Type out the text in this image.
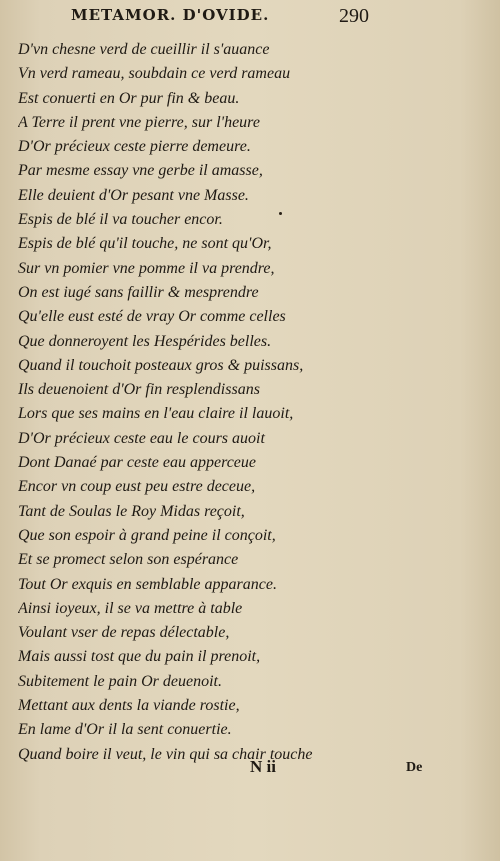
METAMOR. D'OVIDE.	290
D'vn chesne verd de cueillir il s'auance
Vn verd rameau, soubdain ce verd rameau
Est conuerti en Or pur fin & beau.
A Terre il prent vne pierre, sur l'heure
D'Or précieux ceste pierre demeure.
Par mesme essay vne gerbe il amasse,
Elle deuient d'Or pesant vne Masse.
Espis de blé il va toucher encor.
Espis de blé qu'il touche, ne sont qu'Or,
Sur vn pomier vne pomme il va prendre,
On est iugé sans faillir & mesprendre
Qu'elle eust esté de vray Or comme celles
Que donneroyent les Hespérides belles.
Quand il touchoit posteaux gros & puissans,
Ils deuenoient d'Or fin resplendissans
Lors que ses mains en l'eau claire il lauoit,
D'Or précieux ceste eau le cours auoit
Dont Danaé par ceste eau apperceue
Encor vn coup eust peu estre deceue,
Tant de Soulas le Roy Midas reçoit,
Que son espoir à grand peine il conçoit,
Et se promect selon son espérance
Tout Or exquis en semblable apparance.
Ainsi ioyeux, il se va mettre à table
Voulant vser de repas délectable,
Mais aussi tost que du pain il prenoit,
Subitement le pain Or deuenoit.
Mettant aux dents la viande rostie,
En lame d'Or il la sent conuertie.
Quand boire il veut, le vin qui sa chair touche
N ii	De
